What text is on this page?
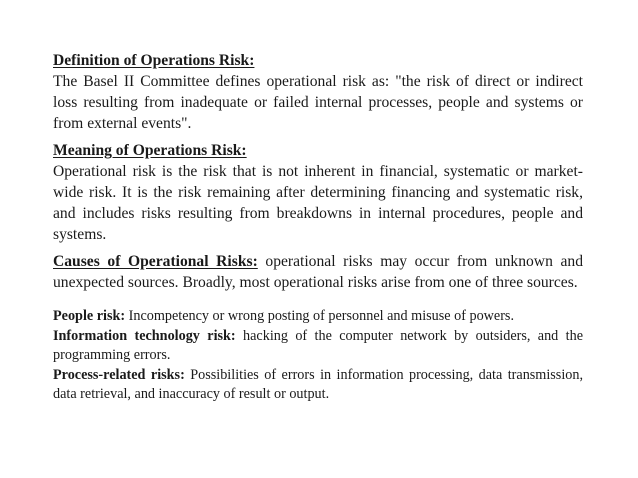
Definition of Operations Risk:
The Basel II Committee defines operational risk as: "the risk of direct or indirect loss resulting from inadequate or failed internal processes, people and systems or from external events".

Meaning of Operations Risk:
Operational risk is the risk that is not inherent in financial, systematic or market-wide risk. It is the risk remaining after determining financing and systematic risk, and includes risks resulting from breakdowns in internal procedures, people and systems.

Causes of Operational Risks: operational risks may occur from unknown and unexpected sources. Broadly, most operational risks arise from one of three sources.

People risk: Incompetency or wrong posting of personnel and misuse of powers.

Information technology risk: hacking of the computer network by outsiders, and the programming errors.

Process-related risks: Possibilities of errors in information processing, data transmission, data retrieval, and inaccuracy of result or output.
